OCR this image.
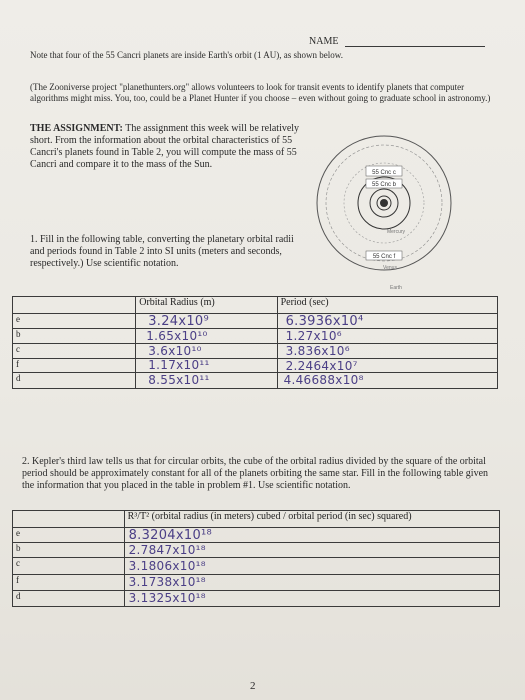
NAME
Note that four of the 55 Cancri planets are inside Earth's orbit (1 AU), as shown below.
(The Zooniverse project "planethunters.org" allows volunteers to look for transit events to identify planets that computer algorithms might miss. You, too, could be a Planet Hunter if you choose – even without going to graduate school in astronomy.)
THE ASSIGNMENT: The assignment this week will be relatively short. From the information about the orbital characteristics of 55 Cancri's planets found in Table 2, you will compute the mass of 55 Cancri and compare it to the mass of the Sun.
55 Cnc c
55 Cnc b
Mercury
55 Cnc f
Venus
Earth
1. Fill in the following table, converting the planetary orbital radii and periods found in Table 2 into SI units (meters and seconds, respectively.) Use scientific notation.
	Orbital Radius (m)	Period (sec)
e	3.24x10⁹	6.3936x10⁴

b	1.65x10¹⁰	1.27x10⁶

c	3.6x10¹⁰	3.836x10⁶

f	1.17x10¹¹	2.2464x10⁷

d	8.55x10¹¹	4.46688x10⁸
2. Kepler's third law tells us that for circular orbits, the cube of the orbital radius divided by the square of the orbital period should be approximately constant for all of the planets orbiting the same star. Fill in the following table given the information that you placed in the table in problem #1. Use scientific notation.
	R³/T² (orbital radius (in meters) cubed / orbital period (in sec) squared)
e	8.3204x10¹⁸

b	2.7847x10¹⁸

c	3.1806x10¹⁸

f	3.1738x10¹⁸

d	3.1325x10¹⁸
2
